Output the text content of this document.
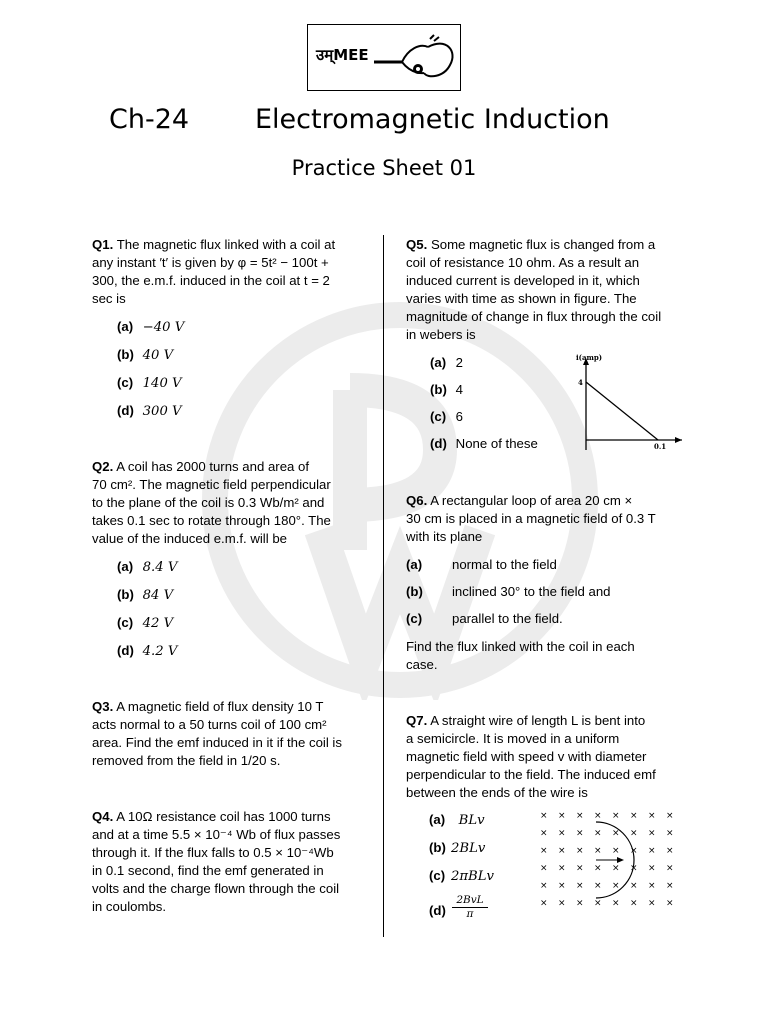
उम्MEE
Ch-24 Electromagnetic Induction
Practice Sheet 01
Q1. The magnetic flux linked with a coil at
any instant ′t′ is given by φ = 5t² − 100t +
300, the e.m.f. induced in the coil at t = 2
sec is
(a) −40 V
(b) 40 V
(c) 140 V
(d) 300 V
Q2. A coil has 2000 turns and area of
70 cm². The magnetic field perpendicular
to the plane of the coil is 0.3 Wb/m² and
takes 0.1 sec to rotate through 180°. The
value of the induced e.m.f. will be
(a) 8.4 V
(b) 84 V
(c) 42 V
(d) 4.2 V
Q3. A magnetic field of flux density 10 T
acts normal to a 50 turns coil of 100 cm²
area. Find the emf induced in it if the coil is
removed from the field in 1/20 s.
Q4. A 10Ω resistance coil has 1000 turns
and at a time 5.5 × 10⁻⁴ Wb of flux passes
through it. If the flux falls to 0.5 × 10⁻⁴Wb
in 0.1 second, find the emf generated in
volts and the charge flown through the coil
in coulombs.
Q5. Some magnetic flux is changed from a
coil of resistance 10 ohm. As a result an
induced current is developed in it, which
varies with time as shown in figure. The
magnitude of change in flux through the coil
in webers is
(a) 2
(b) 4
(c) 6
(d) None of these
i(amp)
4
0.1
Q6. A rectangular loop of area 20 cm ×
30 cm is placed in a magnetic field of 0.3 T
with its plane
(a) normal to the field
(b) inclined 30° to the field and
(c) parallel to the field.
Find the flux linked with the coil in each
case.
Q7. A straight wire of length L is bent into
a semicircle. It is moved in a uniform
magnetic field with speed v with diameter
perpendicular to the field. The induced emf
between the ends of the wire is
(a) BLv
(b) 2BLv
(c) 2πBLv
(d)
2BvL
π
× × × × × × × ×
× × × × × × × ×
× × × × × × × ×
× × × × × × × ×
× × × × × × × ×
× × × × × × × ×
